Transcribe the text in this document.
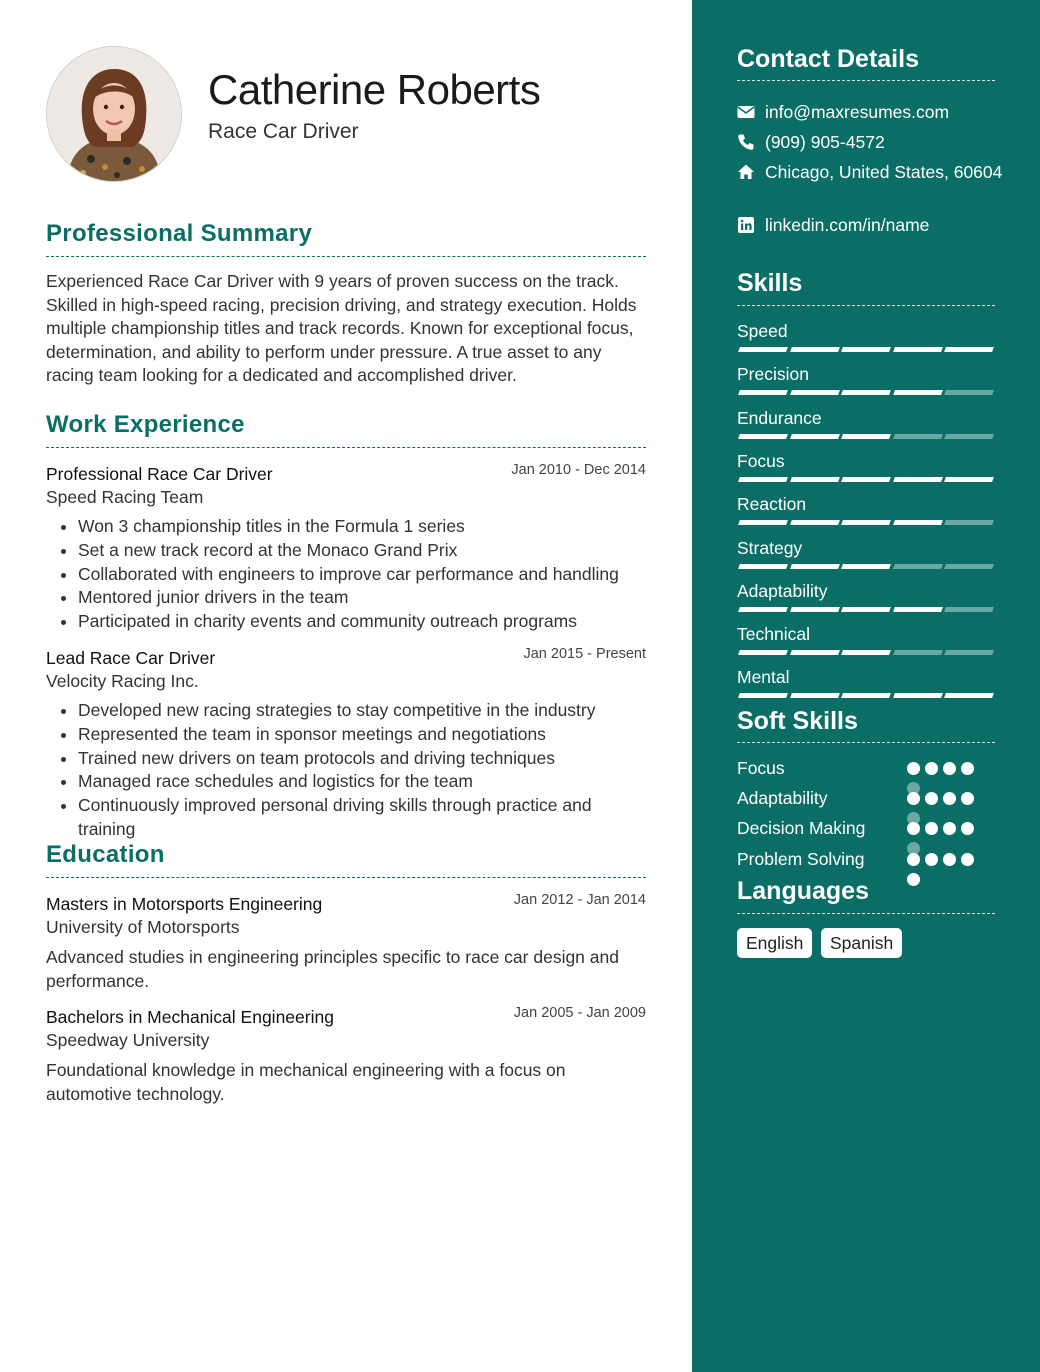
Catherine Roberts
Race Car Driver
Professional Summary
Experienced Race Car Driver with 9 years of proven success on the track. Skilled in high-speed racing, precision driving, and strategy execution. Holds multiple championship titles and track records. Known for exceptional focus, determination, and ability to perform under pressure. A true asset to any racing team looking for a dedicated and accomplished driver.
Work Experience
Professional Race Car Driver	Jan 2010 - Dec 2014
Speed Racing Team
• Won 3 championship titles in the Formula 1 series
• Set a new track record at the Monaco Grand Prix
• Collaborated with engineers to improve car performance and handling
• Mentored junior drivers in the team
• Participated in charity events and community outreach programs
Lead Race Car Driver	Jan 2015 - Present
Velocity Racing Inc.
• Developed new racing strategies to stay competitive in the industry
• Represented the team in sponsor meetings and negotiations
• Trained new drivers on team protocols and driving techniques
• Managed race schedules and logistics for the team
• Continuously improved personal driving skills through practice and training
Education
Masters in Motorsports Engineering	Jan 2012 - Jan 2014
University of Motorsports
Advanced studies in engineering principles specific to race car design and performance.
Bachelors in Mechanical Engineering	Jan 2005 - Jan 2009
Speedway University
Foundational knowledge in mechanical engineering with a focus on automotive technology.
Contact Details
info@maxresumes.com
(909) 905-4572
Chicago, United States, 60604
linkedin.com/in/name
Skills
Speed
Precision
Endurance
Focus
Reaction
Strategy
Adaptability
Technical
Mental
Soft Skills
Focus
Adaptability
Decision Making
Problem Solving
Languages
English	Spanish
